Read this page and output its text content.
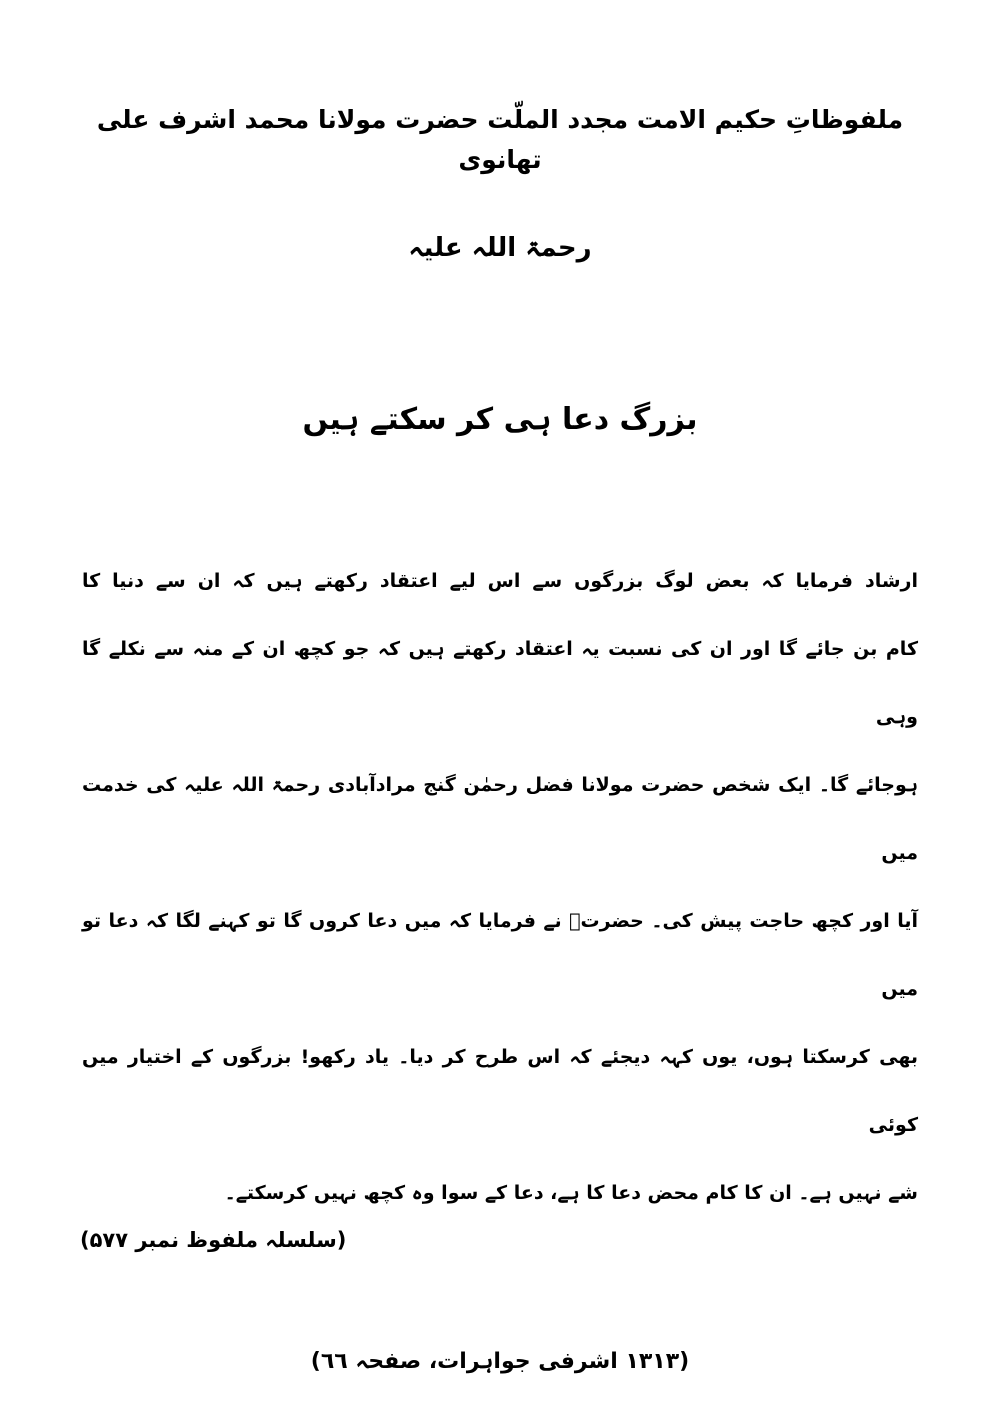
ملفوظاتِ حکیم الامت مجدد الملّت حضرت مولانا محمد اشرف علی تھانوی
رحمۃ اللہ علیہ
بزرگ دعا ہی کر سکتے ہیں
ارشاد فرمایا کہ بعض لوگ بزرگوں سے اس لیے اعتقاد رکھتے ہیں کہ ان سے دنیا کا
کام بن جائے گا اور ان کی نسبت یہ اعتقاد رکھتے ہیں کہ جو کچھ ان کے منہ سے نکلے گا وہی
ہوجائے گا۔ ایک شخص حضرت مولانا فضل رحمٰن گنج مرادآبادی رحمۃ اللہ علیہ کی خدمت میں
آیا اور کچھ حاجت پیش کی۔ حضرتؒ نے فرمایا کہ میں دعا کروں گا تو کہنے لگا کہ دعا تو میں
بھی کرسکتا ہوں، یوں کہہ دیجئے کہ اس طرح کر دیا۔ یاد رکھو! بزرگوں کے اختیار میں کوئی
شے نہیں ہے۔ ان کا کام محض دعا کا ہے، دعا کے سوا وہ کچھ نہیں کرسکتے۔
(۱۳۱۳ اشرفی جواہرات، صفحہ ٦٦)
(سلسلہ ملفوظ نمبر ۵۷۷)
